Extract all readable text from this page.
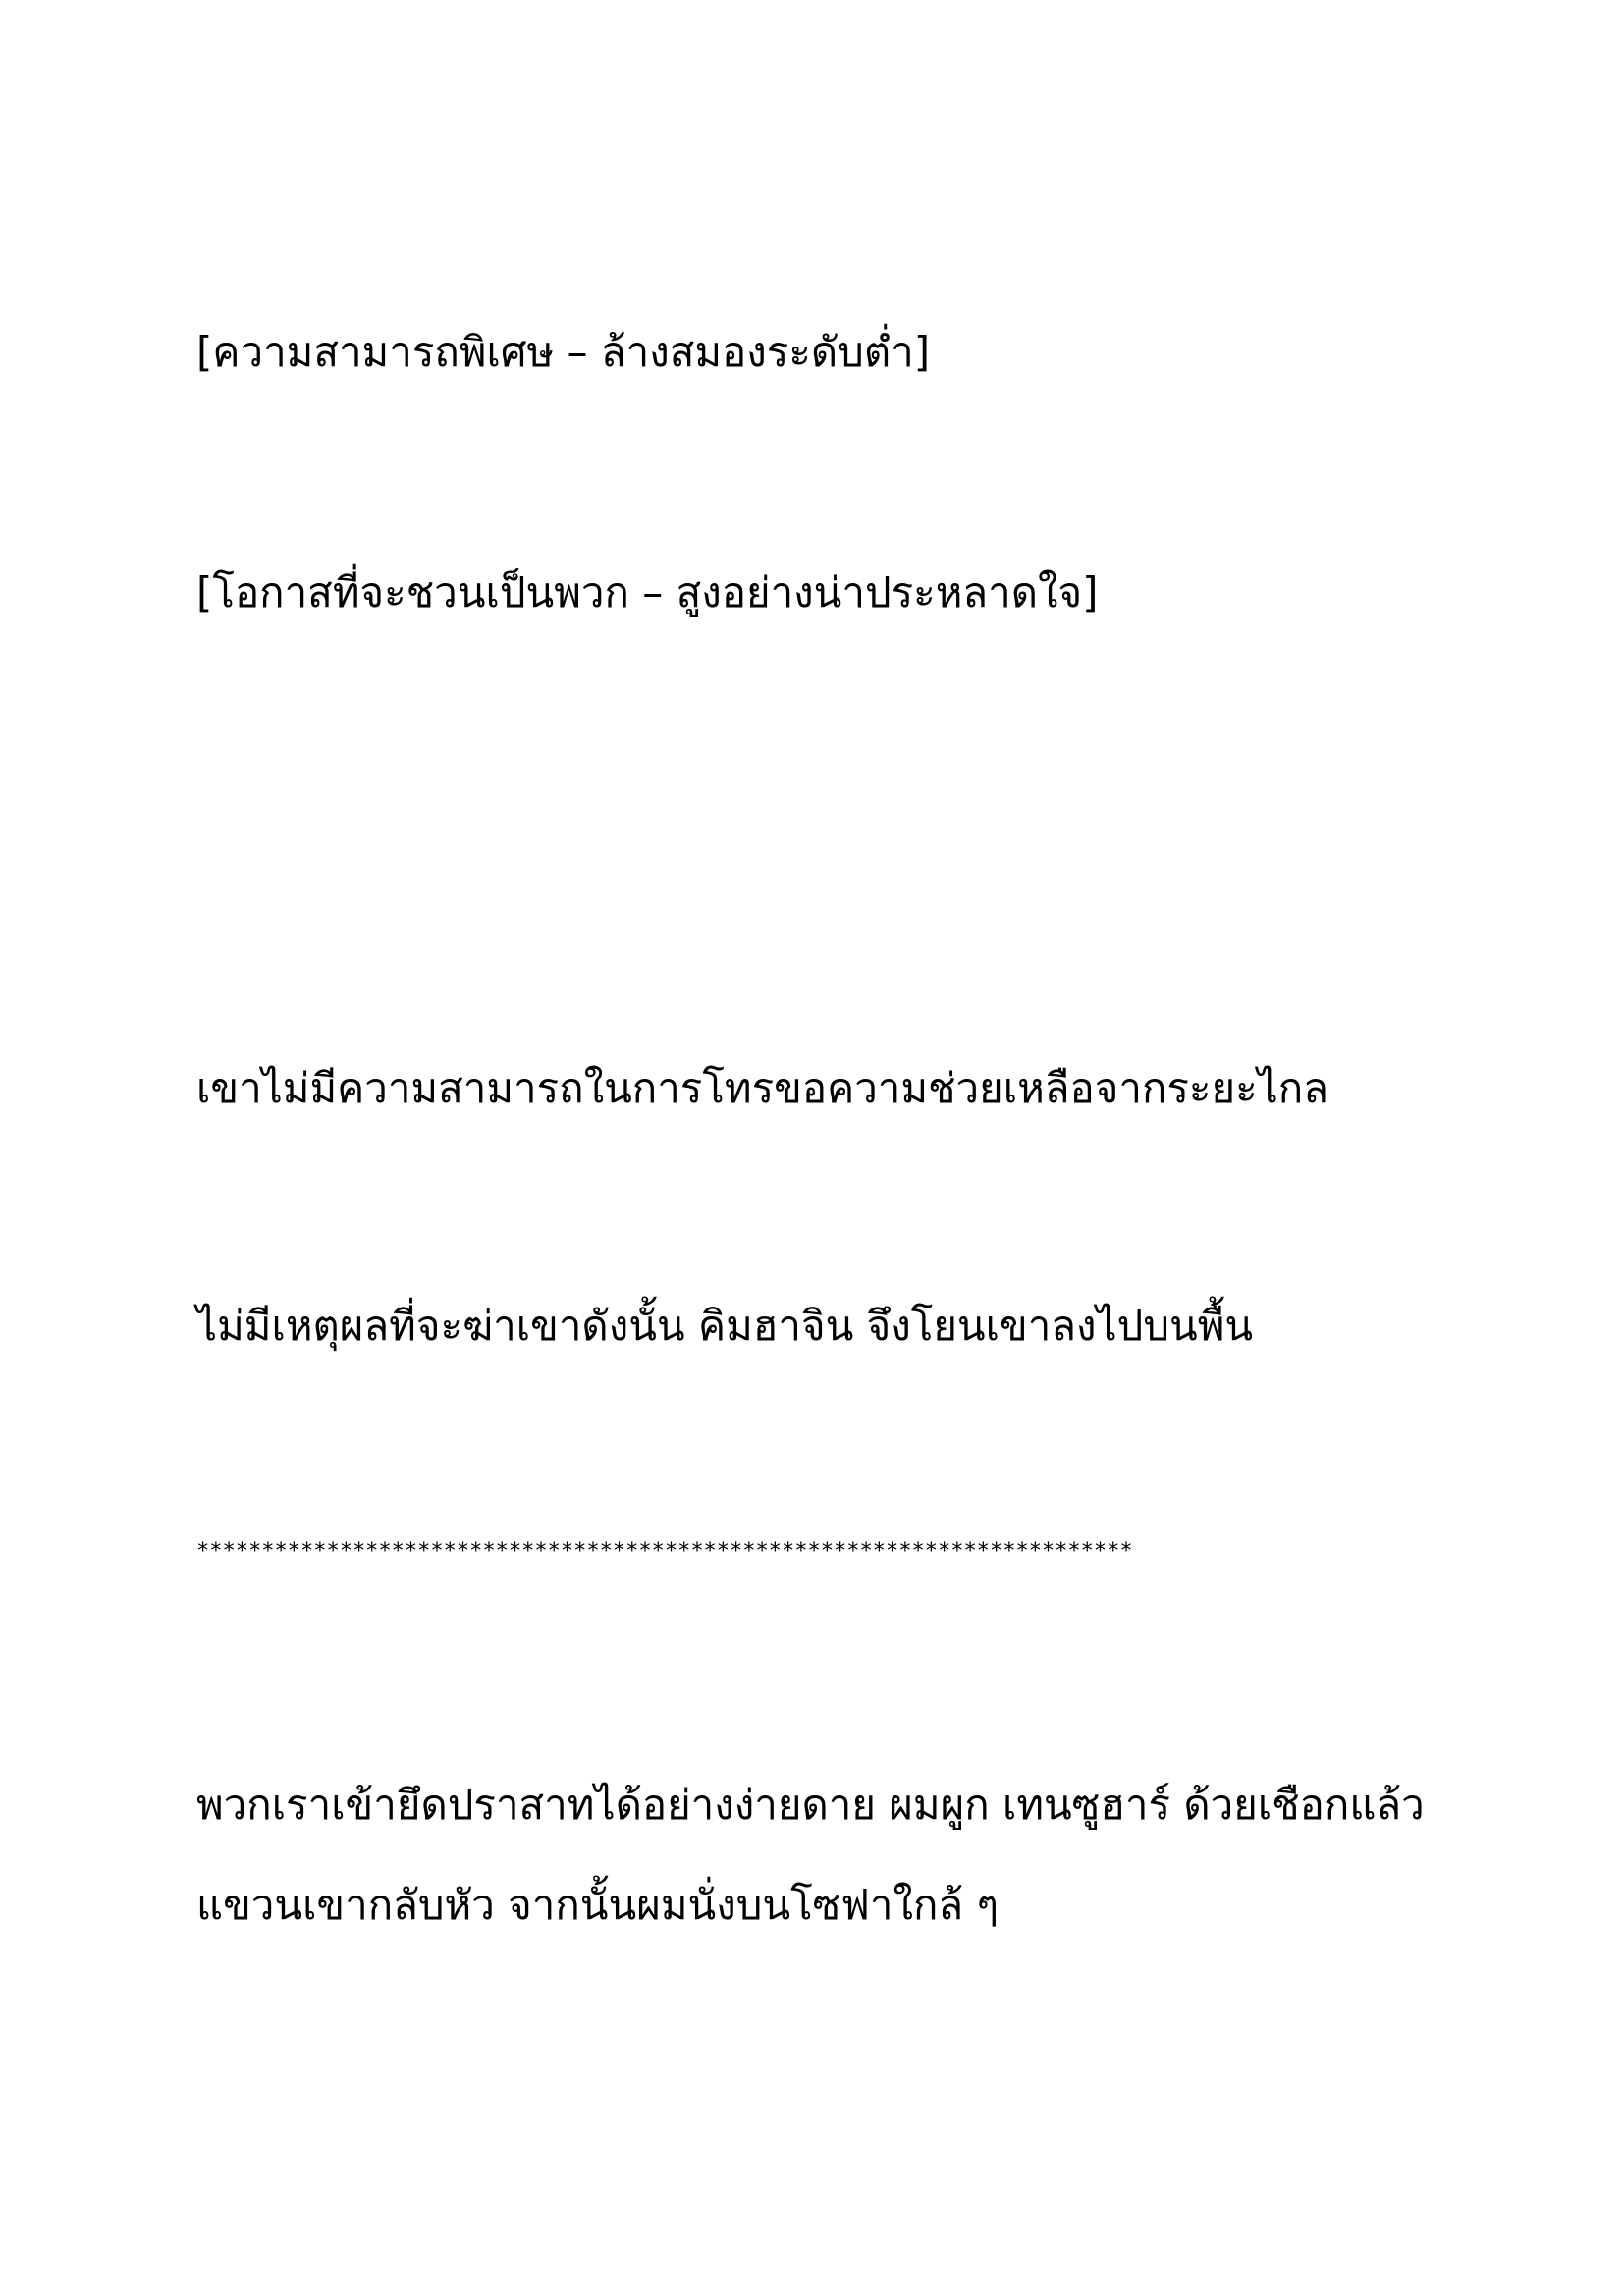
[ความสามารถพิเศษ – ล้างสมองระดับต่ำ]

[โอกาสที่จะชวนเป็นพวก – สูงอย่างน่าประหลาดใจ]

เขาไม่มีความสามารถในการโทรขอความช่วยเหลือจากระยะไกล

ไม่มีเหตุผลที่จะฆ่าเขาดังนั้น คิมฮาจิน จึงโยนเขาลงไปบนพื้น

************************************************************************

พวกเราเข้ายึดปราสาทได้อย่างง่ายดาย ผมผูก เทนซูฮาร์ ด้วยเชือกแล้ว

แขวนเขากลับหัว จากนั้นผมนั่งบนโซฟาใกล้ ๆ
